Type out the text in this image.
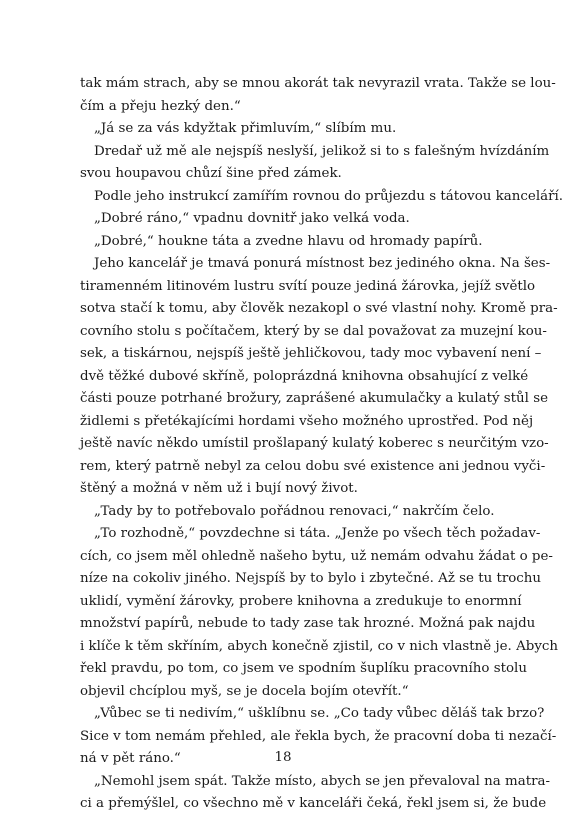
tak mám strach, aby se mnou akorát tak nevyrazil vrata. Takže se lou-
čím a přeju hezký den.“
„Já se za vás kdyžtak přimluvím,“ slíbím mu.
Dredař už mě ale nejspíš neslyší, jelikož si to s falešným hvízdáním
svou houpavou chůzí šine před zámek.
Podle jeho instrukcí zamířím rovnou do průjezdu s tátovou kanceláří.
„Dobré ráno,“ vpadnu dovnitř jako velká voda.
„Dobré,“ houkne táta a zvedne hlavu od hromady papírů.
Jeho kancelář je tmavá ponurá místnost bez jediného okna. Na šes-
tiramenném litinovém lustru svítí pouze jediná žárovka, jejíž světlo
sotva stačí k tomu, aby člověk nezakopl o své vlastní nohy. Kromě pra-
covního stolu s počítačem, který by se dal považovat za muzejní kou-
sek, a tiskárnou, nejspíš ještě jehličkovou, tady moc vybavení není –
dvě těžké dubové skříně, poloprázdná knihovna obsahující z velké
části pouze potrhané brožury, zaprášené akumulačky a kulatý stůl se
židlemi s přetékajícími hordami všeho možného uprostřed. Pod něj
ještě navíc někdo umístil prošlapaný kulatý koberec s neurčitým vzo-
rem, který patrně nebyl za celou dobu své existence ani jednou vyči-
štěný a možná v něm už i bují nový život.
„Tady by to potřebovalo pořádnou renovaci,“ nakrčím čelo.
„To rozhodně,“ povzdechne si táta. „Jenže po všech těch požadav-
cích, co jsem měl ohledně našeho bytu, už nemám odvahu žádat o pe-
níze na cokoliv jiného. Nejspíš by to bylo i zbytečné. Až se tu trochu
uklidí, vymění žárovky, probere knihovna a zredukuje to enormní
množství papírů, nebude to tady zase tak hrozné. Možná pak najdu
i klíče k těm skříním, abych konečně zjistil, co v nich vlastně je. Abych
řekl pravdu, po tom, co jsem ve spodním šuplíku pracovního stolu
objevil chcíplou myš, se je docela bojím otevřít.“
„Vůbec se ti nedivím,“ ušklíbnu se. „Co tady vůbec děláš tak brzo?
Sice v tom nemám přehled, ale řekla bych, že pracovní doba ti nezačí-
ná v pět ráno.“
„Nemohl jsem spát. Takže místo, abych se jen převaloval na matra-
ci a přemýšlel, co všechno mě v kanceláři čeká, řekl jsem si, že bude
18
